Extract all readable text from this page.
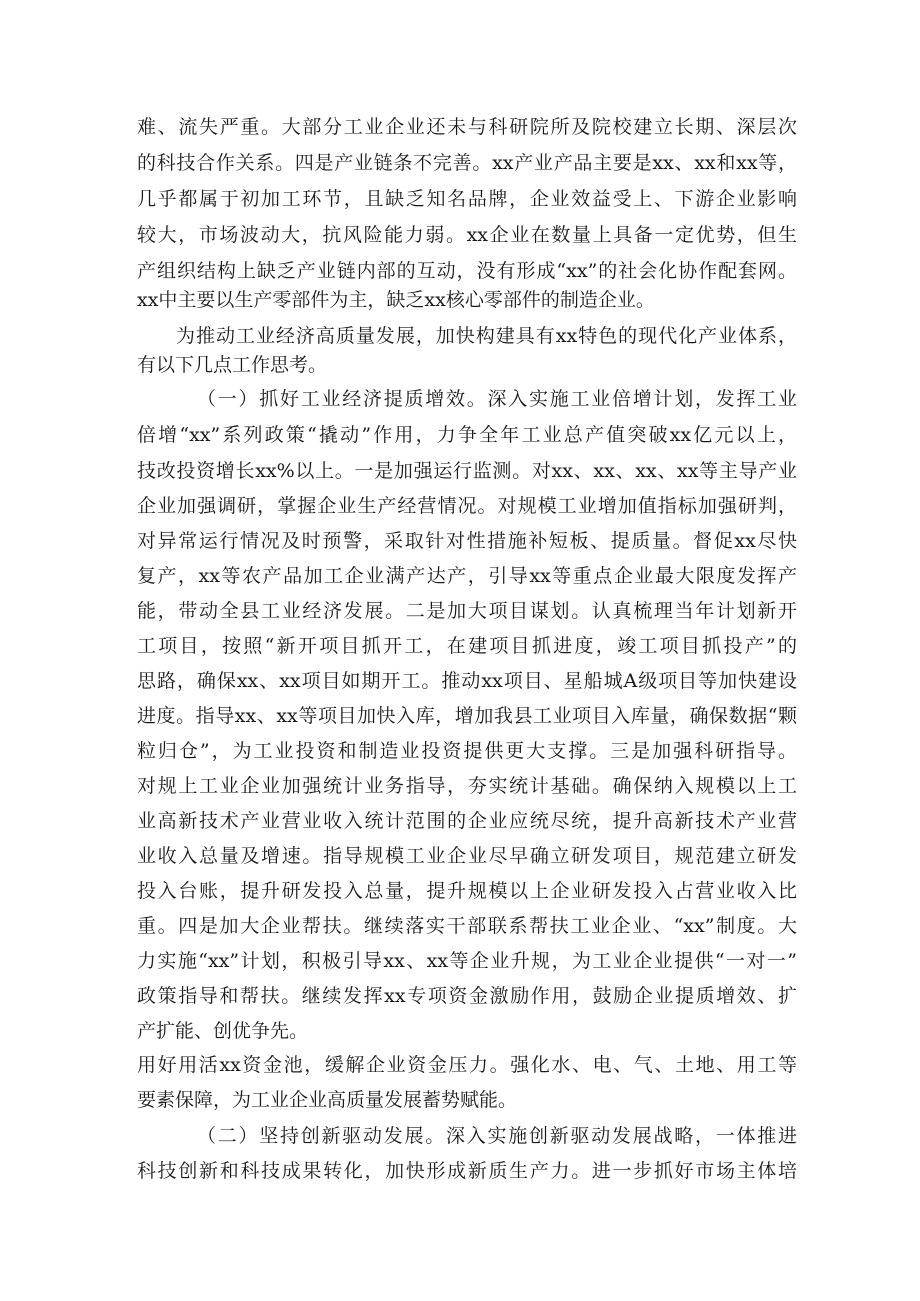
难、流失严重。大部分工业企业还未与科研院所及院校建立长期、深层次

的科技合作关系。四是产业链条不完善。xx产业产品主要是xx、xx和xx等，

几乎都属于初加工环节，且缺乏知名品牌，企业效益受上、下游企业影响

较大，市场波动大，抗风险能力弱。xx企业在数量上具备一定优势，但生

产组织结构上缺乏产业链内部的互动，没有形成“xx”的社会化协作配套网。

xx中主要以生产零部件为主，缺乏xx核心零部件的制造企业。

为推动工业经济高质量发展，加快构建具有xx特色的现代化产业体系，

有以下几点工作思考。

（一）抓好工业经济提质增效。深入实施工业倍增计划，发挥工业

倍增“xx”系列政策“撬动”作用，力争全年工业总产值突破xx亿元以上，

技改投资增长xx%以上。一是加强运行监测。对xx、xx、xx、xx等主导产业

企业加强调研，掌握企业生产经营情况。对规模工业增加值指标加强研判，

对异常运行情况及时预警，采取针对性措施补短板、提质量。督促xx尽快

复产，xx等农产品加工企业满产达产，引导xx等重点企业最大限度发挥产

能，带动全县工业经济发展。二是加大项目谋划。认真梳理当年计划新开

工项目，按照“新开项目抓开工，在建项目抓进度，竣工项目抓投产”的

思路，确保xx、xx项目如期开工。推动xx项目、星船城A级项目等加快建设

进度。指导xx、xx等项目加快入库，增加我县工业项目入库量，确保数据“颗

粒归仓”，为工业投资和制造业投资提供更大支撑。三是加强科研指导。

对规上工业企业加强统计业务指导，夯实统计基础。确保纳入规模以上工

业高新技术产业营业收入统计范围的企业应统尽统，提升高新技术产业营

业收入总量及增速。指导规模工业企业尽早确立研发项目，规范建立研发

投入台账，提升研发投入总量，提升规模以上企业研发投入占营业收入比

重。四是加大企业帮扶。继续落实干部联系帮扶工业企业、“xx”制度。大

力实施“xx”计划，积极引导xx、xx等企业升规，为工业企业提供“一对一”

政策指导和帮扶。继续发挥xx专项资金激励作用，鼓励企业提质增效、扩

产扩能、创优争先。

用好用活xx资金池，缓解企业资金压力。强化水、电、气、土地、用工等

要素保障，为工业企业高质量发展蓄势赋能。

（二）坚持创新驱动发展。深入实施创新驱动发展战略，一体推进

科技创新和科技成果转化，加快形成新质生产力。进一步抓好市场主体培
